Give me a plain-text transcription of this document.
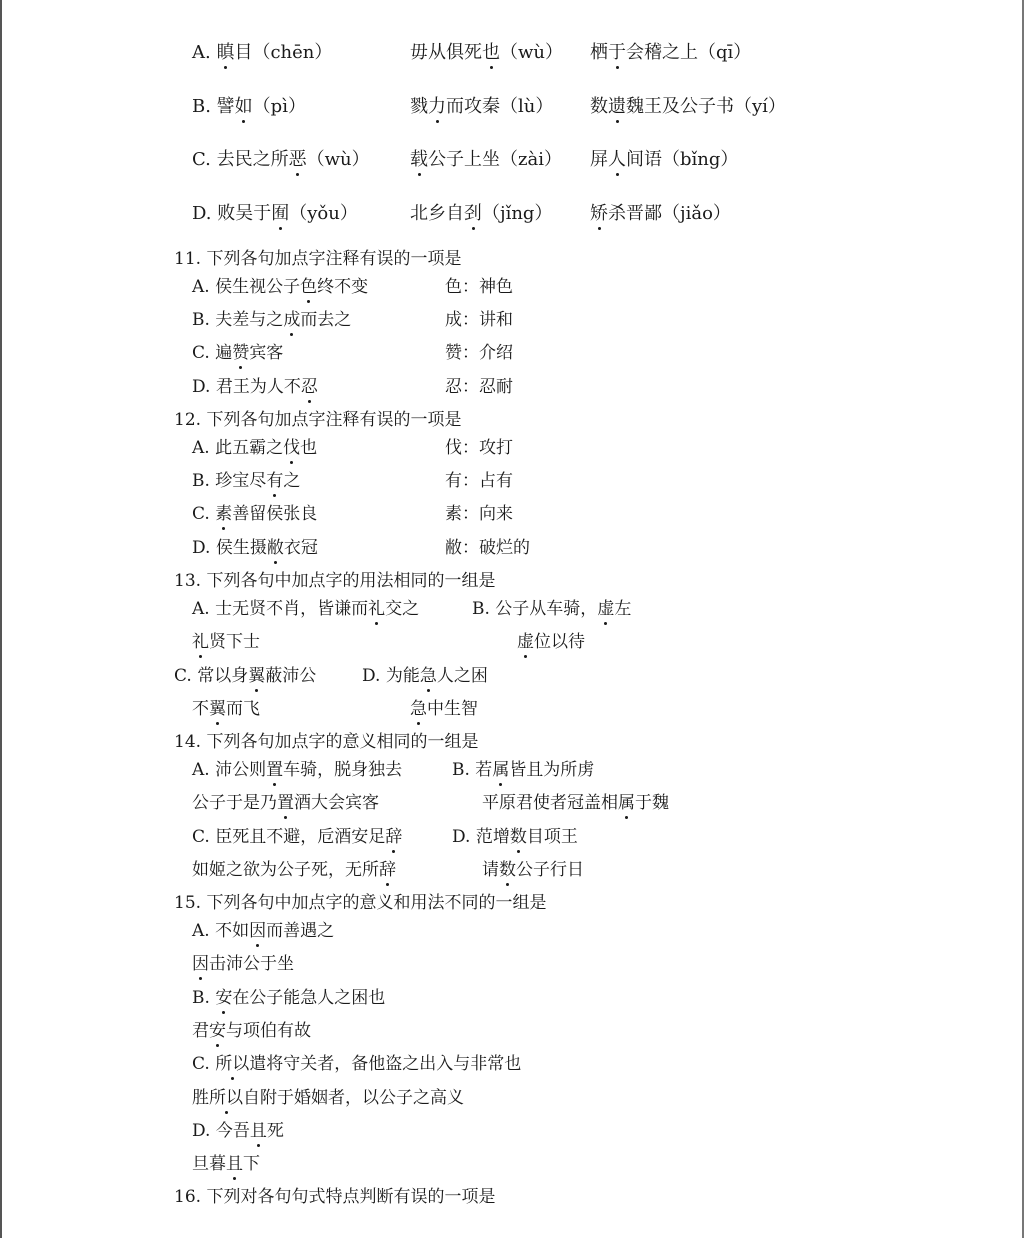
A. 瞋目（chēn）	毋从俱死也（wù） 栖于会稽之上（qī）
B. 譬如（pì）	戮力而攻秦（lù） 数遗魏王及公子书（yí）
C. 去民之所恶（wù） 载公子上坐（zài） 屏人间语（bǐng）
D. 败吴于囿（yǒu）	北乡自刭（jǐng） 矫杀晋鄙（jiǎo）
11. 下列各句加点字注释有误的一项是
A. 侯生视公子色终不变	色：神色
B. 夫差与之成而去之	成：讲和
C. 遍赞宾客	赞：介绍
D. 君王为人不忍	忍：忍耐
12. 下列各句加点字注释有误的一项是
A. 此五霸之伐也	伐：攻打
B. 珍宝尽有之	有：占有
C. 素善留侯张良	素：向来
D. 侯生摄敝衣冠	敝：破烂的
13. 下列各句中加点字的用法相同的一组是
A. 士无贤不肖，皆谦而礼交之	B. 公子从车骑，虚左
礼贤下士	虚位以待
C. 常以身翼蔽沛公	D. 为能急人之困
不翼而飞	急中生智
14. 下列各句加点字的意义相同的一组是
A. 沛公则置车骑，脱身独去	B. 若属皆且为所虏
公子于是乃置酒大会宾客	平原君使者冠盖相属于魏
C. 臣死且不避，卮酒安足辞	D. 范增数目项王
如姬之欲为公子死，无所辞	请数公子行日
15. 下列各句中加点字的意义和用法不同的一组是
A. 不如因而善遇之
因击沛公于坐
B. 安在公子能急人之困也
君安与项伯有故
C. 所以遣将守关者，备他盗之出入与非常也
胜所以自附于婚姻者，以公子之高义
D. 今吾且死
旦暮且下
16. 下列对各句句式特点判断有误的一项是
